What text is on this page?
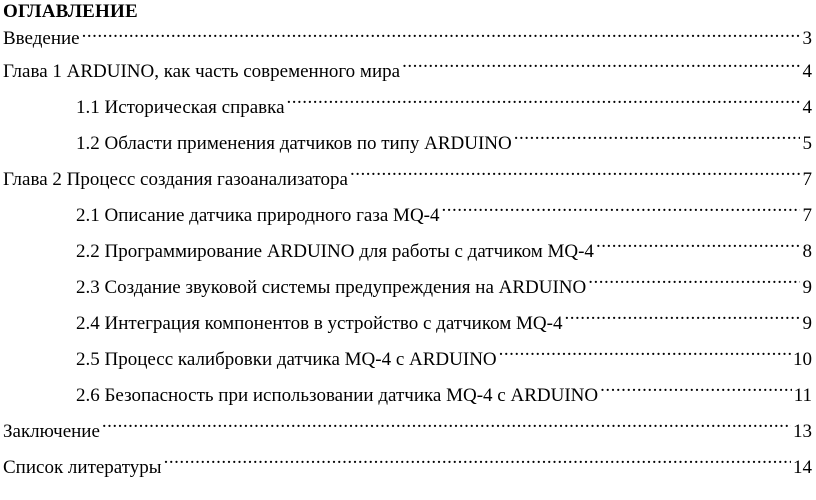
ОГЛАВЛЕНИЕ
Введение .....	3
Глава 1 ARDUINO, как часть современного мира .....	4
1.1 Историческая справка .....	4
1.2 Области применения датчиков по типу ARDUINO .....	5
Глава 2 Процесс создания газоанализатора .....	7
2.1 Описание датчика природного газа MQ-4 .....	7
2.2 Программирование ARDUINO для работы с датчиком MQ-4 .....	8
2.3 Создание звуковой системы предупреждения на ARDUINO .....	9
2.4 Интеграция компонентов в устройство с датчиком MQ-4 .....	9
2.5 Процесс калибровки датчика MQ-4 с ARDUINO .....	10
2.6 Безопасность при использовании датчика MQ-4 с ARDUINO .....	11
Заключение .....	13
Список литературы .....	14
